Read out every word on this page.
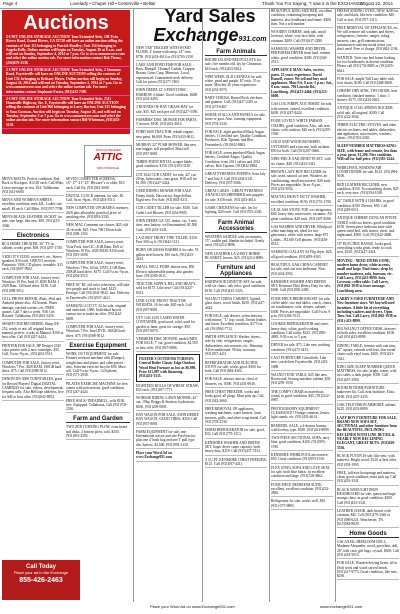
Page 4	Lovelady • Chapel Hill • Centerville • Bellair	Thank You For Saying, "I saw it in the EXCHANGE"
August 22, 2014
Yard Sales
Exchange931.com
Auctions
2-UNIT ONLINE STORAGE AUCTION! Tour Extended Attic, 108 Twin Rivers Road, Grand Rivers, GA 35720 will have an online auction selling the contents of Unit 112 belonging to Patrick Bradley; Unit 114 belonging to Angela Kelly. Online auction will begin on Tuesday, August 26 at 8 a.m. and will end on Sunday, September 4, 2014 at 7 p.m. Go to www.summercove.com and select the online auction tab. For more information contact Bob Tirone, (256)679-2538.
2-UNIT ONLINE STORAGE AUCTION! Tour Extended Attic, 2 Simmons Road, Fayetteville will have an ONLINE AUCTION selling the contents of Unit C5L belonging to Brittany Hayes. Online auction will begin on Sunday, August 24, 2014 and will end on Tuesday, September 2, 2014 at 7 p.m. Go to www.summercove.com and select the online auction tab. For more information contact Stephanie Foster, (931)433-7590.
2-UNIT ONLINE STORAGE AUCTION! Tour Extended Attic, 2311 Huntsville Highway, Ste. E, Fayetteville will have an ONLINE AUCTION selling the contents of Unit 966 belonging to Larry Burton; Unit 331 belonging to Sara Gorman. Auction will begin on Tuesday, August 26, and will end on Tuesday, September 2 at 7 p.m. Go to www.summercove.com and select the online auction tab. For more information contact Bill Whiteman, (931)433-5150.
TOUR EXTENDED
ATTIC
MINI STORAGE
MEN'S BOOTS, Perfect condition, Red Back or Rockport. $12.00 each. Call Mike, Leave message or text. 814. Tullahoma, (931)541-6600.
MEN'S AND WOMEN'S SHIRTS, excellent condition, men 44L. Ladies size small. $3 each. Call Mike, (931)707-7708.
MEN'S BLACK LEATHER JACKET for sale, size large. like new. $50. (931)233-3366.
Electronics
RCA HOME THEATER, 36" TV in cabinet, works great. $50. (931)207-1749.
VIZIO IT'S VIZIO, receiver's, etc. Stereo speakers $10 each. ONKYO receiver, Panasonic VHS, CD player, turntable. $15 each. (931)607-9902.
COMPUTER FOR SALE, factory reset, Windows 10 Pro, Intel i5, 8GB RAM. 1 2GB Ram. 120 hard drive. $150. Call (931)588-5012.
CELL PHONE REPAIR, iPads, iPod and Android phone also. All brands. Water damage, cracked screens, etc. FREE quotes. Call 7 days a week. 938. Get Rotated. Tullahoma, (931)841-3450.
SHARP CD/R RECORDER, Sharp XE-252, ready to use, all original boxes, manual, perfect, works as Manual. $100 or best offer. Call (931)247-4424.
PRINTER FOR SALE, HP Deskjet 2545 color printer with 2 new cartridges. $35. Call, 9 a.m.-9 p.m., (931)204-5513.
COMPUTER FOR SALE, factory reset, Windows 7 Pro. 4GB RAM, 160GB hard drive. $75. Call (931)588-5012.
DENON DN-3000 TURNTABLES, great for Record Players! Digital DIGITAL CAMERAS for sale, videos, development; frequent calls. Also $60/tape tableless, live for $40 or best offer. (931)842-8852.
Call Today
Place your ad in the Exchange
855-426-2463
SEVEN COMPUTER SCREENS, 16"-17"-21"-23" Hitware"s or older, $10 each. Call Ed, (931)581-3008.
DIGITAL CLOCK antenna, for sale, $5. Call, 9a.m.-9p.m., (931)204-5513.
NEW COMPUTER UPGRADES, memory, 2GB plus allowable, practical price of anything else. (931)393-2330.
NEW MAC Comment sur classes, $25; old 45 records, $25. Own 7001 Electricals. (931)308-1303.
COMPUTER FOR SALE, factory reset, Vista Pack, Intel 2C, 4GB Ram. Dell w/ Windows 10 Pro, 4GB RAM. $150 each. (931)581-3008.
COMPUTER FOR SALE, factory reset, Windows 7 Pro, 64 bit, DVD, 4 GB Ram, 250GB hard drive, $175. Call 9 a.m.-9 p.m., (931)204-5513.
FREE 36" RC old color television, will take two people and truck to load, $125. Prestige. Call (931)841-9042. free. Delivery in Fayetteville, (931)937-4411.
SAMSUNG LCD TV 32 for sale, original and unlocked, 1080. Individual buyers contact me to make an offer. (931)242-6609.
COMPUTER FOR SALE, factory reset, Windows 7 Pro. Intel DVD, 160GB hard drive, $75. (931)588-5012.
Exercise Equipment
WORK OUT EQUIPMENT for sale. Pioneer workout machine with (Dumps); weight bars and plates, and other pieces - also, Schwinn exercise bicycle $50. Must sell. Call 9 a.m.-9 p.m., Cell phone, (931)571-2938.
PILATES EXERCISE MACHINE for free, comes with instructions, good condition. (931)247-4424.
FREE WALK-TREADMILL, sells $100, free. Equipped. Tullahoma, Call (931)703-2330.
Farm and Garden
TWO ZER TURNING PLOW, from heard sod disks, 2 bottom plow, sold. $250. (931)691-4395.
NEW 5'X8' TRAILER WITH WOOD FLOOR, 4' frame with ramp, 14" tires. $750. (931)433-4614 or (931)703-2130.
LAKE AND POND FISH FOR SALE: Bass, Bluegill, Channel Catfish, Crappie, Bream, Grass Carp, Minnows. Local, experienced. Guaranteed stock delivery. Call for prices (931)277-7465.
JOHN DEERE 12' 3-POINT DISC HARROW, 6 blade. Good condition. $400. (931)434-4493.
3 ROUNDS OF HAY GRASS HAY for sale, $35. $25 each per roll (931)227-5390.
FARMERS' DISC MOWER FOR PARTS, 5' mower, $100. (931)433-4614.
FORD 3600 TRACTOR, rebuilt engine, new paint, $6,000. Firm. (931)433-0612.
MURRAY 22" PUSH MOWER, like new, rear bagger, self propelled. Must sell. (931)937-8081.
THREE POINT HITCH, scraper blade, good condition, $150. (931)393-3130.
LTX 1042 CUB CADET for sale, 42" cut, 20 hp, hydrostatic, runs great. Will sell for $1,500. (931)247-4424.
USED RIDING MOWER FOR SALE. Funny finish. Has tractor. Sage dollars. Eight new. For Sale, (931)843-4311.
CUB CADET TILLER for sale, $350. Cub Cadet Leaf Blower, (931)434-9905.
JOHN DEERE GX 335, motor, cut, 3 new tires, new battery, well maintained, $1,500 Cash. (931)433-3341.
LA-Z-BOY FRONT TINE TILLER, $150. Free 300 sq ft. (931)842-1131.
BURN OR GRASS BARRELS for sale, 55 gallon steel barrels, $10 each. (931)433-4614.
SMALL WELL PUMP, almost new, $50. Electric submersible pump, also garden hose. (931)580-2611.
TRACTOR SUPPLY, BIG AND HEAVY, sold for $175. Like new! Call (931)227-8313.
LINK-LOCK FRONT TRACTOR WEIGHTS, 16 for sale, $20 each. Call (931)937-8081.
UTV GALLON CASED WATER CONTAINER, good used, solid, used for garden or farm, great for storage. $50. (931)937-6070.
VERMEER DISC MOWER, model (MD) FOR SALE, 7' cut, good condition, $2,500 or best offer. (931)937-0086.
FRATER'S OUTDOOR TURMAN: Central Boiler Classic Edge Outdoor Wood Heat Furnace as low as $6,990. Price $11,887 with financing. (931)433-3335.
EIGHTEEN ROLLS OF WHEAT STRAW, $35 each. (931)307-7771.
WORKSE RIDING LAWN MOWER, 42" cut, 19hp, Briggs & Stratton, hydrostatic, $650. (931)209-0801.
HAY WAGON FOR SALE, JOHN DEERE HAY WAGON, GOOD TIRES. $350. Call (931)937-8081.
FARM EQUIPMENT for sale, one International tractor and one Ford tractor, plus one 4' bush hog and one 5' pull type disc harrow, $2,600. (931)993-3130.
Place your Word Ad on www.Exchange931.com
Farm Animals
RHODE ISLAND RED PULLETS for sale, five months old, lay by Christmas. $10 each. (931)433-0612.
NINE WEEK OLD GUINEAS for sale, white, pearl and purple, $7 each, 35 or more. Mowbry 20 years experience. (931)433-5070.
BABY CHICKS, Barred Rock chickens and guineas. Call, (931)437-2435 or (931)273-6467.
HORSE STALLS AND PANELS for sale, horse or goat. Also, farming equipment. (931)703-2330.
FOR SALE, eight purebred Black Angus heifers, 1 Certified sire, Quality Condition, Producers. Bob Tiptonn, and Ben Feasenbeck. (931)842-8862.
FOR SALE, seven purebred Black Angus heifers, Certified Angus, Quality Condition, from 2011 calves and 2012 calves. Bob Tiptonn. (931)842-8862.
GREAT PYRENEES PUPPIES, born July 7 and July 8. Call (931)434-6141. Delivery. (931)937-5566.
GREAT LAKES - GREAT PYRENEES ANATOLIAN SHEPHERD mix puppies for sale, $150 each. (931)433-4614.
GAME CHICKENS for sale, lay for fighting. $20 each. Call (931)703-2330.
Farm Animal Accessories
WESTERN SADDLE with accessories, 15", saddle pad, blanket included. Gently used. (931)212-8096.
NEW LEATHER LA-Z-BOY HORSE BLANKET, brown, $25. (931)212-8096.
Furniture and Appliances
HARDWOOD DINETTE SET for sale, with six chairs, oak color, good condition. $150. Call (931)433-2323.
WALNUT CHINA CABINET, lighted, glass doors, wood finish, $250. (931)247-4424.
FOR SALE, oak dresser, seven drawers, with mirror, "L" top; couch, brown leather, and futon. Excellent condition. $175 for all. (931)962-7712.
SMITH APPLIANCE: Washer, dryers, side by side, refrigerators, ranges, dishwashers, microwaves, etc. Warranty. All reconditioned. 90 day warranty. (931)937-4411.
REFRIGERATOR AND ELECTRIC STOVE for sale, works good. $300 for both. Call (931)684-4302.
FOR SALE, dresser, mirror, chest of drawers, etc. $300. (931)433-9030.
FREE CHEST FREEZER, works and looks good, all plugs. Must pick up. Call, (931)542-2660.
FREE REMOVAL OF appliances, washing machines, water heaters, lawn mowers, grills, and other scrap metal. Call (931)703-2330.
DORM REFRIGERATOR for sale, good, $35. Call (931)779-1313.
KENMORE WASHER AND DRYER SET, Super dryer, super capacity, both heavy duty, $250. Call (931)437-7433.
3 CU.FT. KENMORE CHEST FREEZER, $125. Call (931)937-4411.
BEAUTIFUL KING SIZE BED, excellent condition, containing boxspring and mattress, also headboard and frame. $300 firm. Not a sell number.
WOODEN CHERRY, dark oak, small loveseat, white, very nice little, with ottoman, $200. Call (931)637-2280.
SAMSUNG WASHER AND DRYER, PERFORMA DRYER front load, cement white, good condition, $300. (931)540-2511.
APPLIANCE MAN: Sales, service, parts. 25 years experience. David Russell, owner. We sell and buy used appliances. Mon-Fri, 8 a.m.-5 p.m.; Sat., 8 a.m.-noon. 796 Lincoln Rd., Lynchburg. (931)433-4464; (931)213-6600.
GAS LOG FIREPLACE INSERT for sale, with remote, vented, excellent condition. $200. (931)247-4424.
FOUR LOVELY WHITE PARSON CHAIRS, good condition. Also, oak arm chairs, with cushion, $20 each, (931)295-1930.
GOLD AND WOOD BUNKBED, OTTOMAN and a tan one, both cushion, $50 for both. Call (931)207-3666.
NINE-PIECE OAK DINETTE SET, with six chairs. $40. (931)433-3341.
BROWN LAZY BOY RECLINER for sale, used, natural cat tree, Wooden. air conditioning, small microwave, $20 each. Prices are negotiable, 9a.m.-9 p.m., (931)233-5054.
MAYTAG HEAVY DUTY WASHER, excellent condition, $150. (931)733-1700.
GE GLASS STOVE TOP, ice refrigerator, $40, heavy duty microwave, vacuums. All great condition. $20 each. (931)307-4506.
GAS WASHER AND DRYER, Whirlpool white matching set, ideal for two generators, white with mirror, large $75 Ladies... BLSIS Cell phones. (931)438-8512.
SAMSUNG GALAXY S4 Flip dryer. $25; all good condition. (931)839-4303.
BEAUTIFUL OAK CHINA CABINET for sale, and cast iron bedframe. Nice. (931)434-3592.
KENMORE WASHER AND DRYER SET, Kenmore Elite Heavy Duty for sale, $300. Call (931)590-2480.
FOUR-PIECE BEDROOM SET for sale, coffee table, two end tables, couch, chairs, air conditioners, sofa, sleeper, cabinet, $300. Prices are negotiable. Call 9 a.m. 9 p.m. (931)204-5513.
COOKER REFRIGERATOR and stove, heavy duty, white, good working condition. Call today. $225. (931)580-4885, 9:30 a.m. to 5 p.m.
DRYER for sale, $75. Like new working condition. (931)473-3433.
CAST FURNITURE Classifieds. Like new, can deliver Fayetteville. (931)433-1888.
WALNUT END TABLE, $25 like new, Rosewood, Sewing machine cabinet, $35. (931)295-1930.
THE COMFY CHAIR as marvelous, round, in good condition. $45. (931)522-0967.
PHOTOGRAPHY EQUIPMENT CLEARANCE! Vintage cameras, lenses, light stands, etc. (931)433-4614.
REMODEL SALE, a 4-drawer bureau, with lowboy type, $180. (931)433-8899.
TWO-PIECE SECTIONAL SOFA, navy blue, good condition, $100. (931)993-1910.
KENMORE WHIRLPOOL microwave, $50. Good condition. (931)993-1910.
FLEX STEEL SOFA AND LOVE SEAT, for sale, both blue fabric, in excellent condition and large. (931)728-3862.
FOUR PIECE BEDROOM SUITE, excellent, excellent condition. (931)232-2882.
Refrigerator for sale, works well, $30. (931)-575-9885.
FREESTANDING OVEN, NEW, $200 for sale, and black, like new condition. $40. Call or text, (931)707-1313.
FREE REMOVAL OF APPLIANCES, etc. We will remove old washers and dryers, refrigerators, freezers, ranges, riding mowers, cars, grill transmissions, lawnmowers and any metal items you don't need. Free of charge. (931)842-1194.
WANTED: Twin size bed frame looking for two headboards in decent condition. Please call (931)733-8885 or (931)455-6641.
FOR SALE, maple Tall Lazy table with four chairs, $100; Call (931)408-4868.
CHERRY DRY SINK, TWO DOOR, best condition, finished interior, 1 door, 1 drawer, $175. (931)434-2661.
ANTIQUE COAL SPRING ROCKER, solid oak, all original. $200; Call (931)232-3942.
THREE ELECTRIC STOVES, and other electric recliners, end tables, dishwasher, and appliances; microwaves, washers, chests. (931)703-2330.
SLEEP NUMBER MATTRESS KING-SIZE, with frame and remote, less than a year, great, $1,200. Nice condition. Will sell for half price. (931)583-2244.
WHIRLPOOL WINDOW AIR CONDITIONER for sale, $125. (931)994-9100.
RED LEATHER RECLINER, new condition, $150. Two matching chairs, $25 each, very nice. (931)394-1030.
42" TABLE WITH 4 CHAIRS, in good condition, $100. Dresser, $50. Call (931)429-6511.
ANTIQUE CHERRY DUNCAN PHYFE TABLE with two leaves, good condition, $150. Seven piece bedroom suite with queen sized bed, with mirror, chest, and nightstand, $500. Call (931)542-4688.
18" ELECTRIC RANGE, looks good, everything works great, ready to cook now, $150. (931)247-4424.
MOVING - NEED ITEMS GONE, modern home decor, white accents, small and large. Find items; sleep by number mattress, sofa, bureaus; etc. Call Larry, (931)433-8899. Sofa, Loveseat, coffee table. Call Larry, (931)962-1938 to leave message. Lynchburg area.
LARRY'S USED FURNITURE AND New furniture store. We buy/sell used furniture. A little bit of everything including washers and dryers. Open Tues.-Sat. Call Larry, (931)962-1938 or (931)-433-8899.
BIG WALNUT OFFICE DESK, drawers on both sides, excellent condition, $100. Call (931)433-8899.
DINING TABLE, formica with oak trim, 42" square, extends with leaf, four metal chairs with vinyl seats, $100. (931)433-3341.
KING SIZE SLEEP NUMBER QUEEN MATTRESS, for sale, bright, warm, with two sides, a dark purple, $350. Call (931)637-2960.
ROOM DIVIDER/FURNITURE makeover kit. Call, neat furniture, Ecko, $100. (931)437-2435.
OAK TELEVISION ARMOIRE cabinet, $225. (931)433-8899.
LAZY BOY FURNITURE FOR SALE, BRAND NEW SOFA SET, SECTIONAL and other furniture from the BEAUTIFUL INCLINING RECLINER WITH LINE DETAIL & NEARLY NEW RECLINING ELEGANT, GREAT BUYS. (931)638-5536.
BLACK FUTON IS sale, like new, with mattress. Bright wood, $120 or best offer. (931)393-1993.
FREE, full-size boxsprings and mattress, clean, good condition; must pick up. Call (931)433-3341.
BLACK WROUGHT IRON HEADBOARD for sale, queen and large storage chest, in good condition. $300. Call (931)433-3341.
LEATHER CHAIR, dark brown with ottoman, $40. Call (931)379-3340 or (931)580-6221. Winchester, TN. (615)584-8829.
Home Goods
GALAXIAL HEIRLOOM DOLL, Madame Alexander, wood, porcelain, doll, 28" with case, gift bags, crystal, $300; Call (931)433-5015.
FOR SALE, Wooden Sewing Items, all in (Sat) work and wood carved bench, (931)417-9773. Good condition, like new, $250.
Place your Word Ad on www.Exchange931.com	www.exchange931.com
